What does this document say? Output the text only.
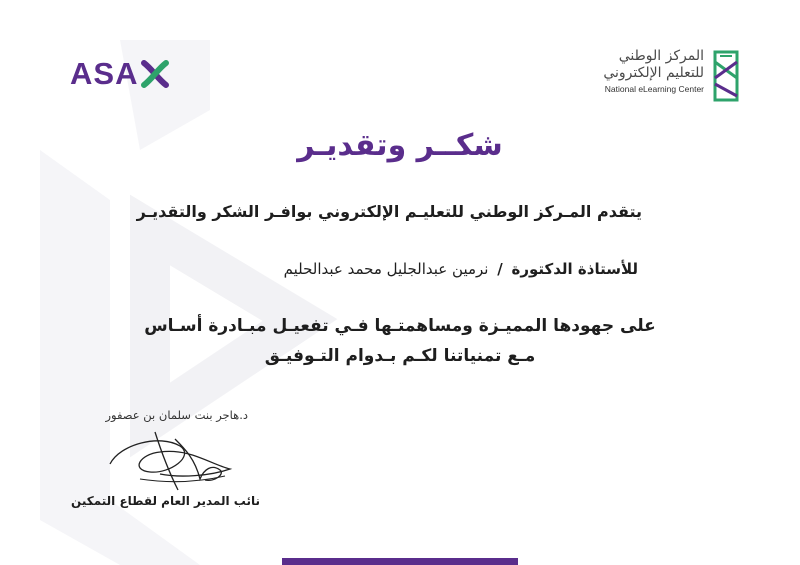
ASA	المركز الوطني
للتعليم الإلكتروني
National eLearning Center
شكــر وتقديـر
يتقدم المـركز الوطني للتعليـم الإلكتروني بوافـر الشكر والتقديـر
للأستاذة الدكتورة / نرمين عبدالجليل محمد عبدالحليم
على جهودها المميـزة ومساهمتـها فـي تفعيـل مبـادرة أسـاس
مـع تمنياتنا لكـم بـدوام التـوفيـق
د.هاجر بنت سلمان بن عصفور
نائب المدير العام لقطاع التمكين
